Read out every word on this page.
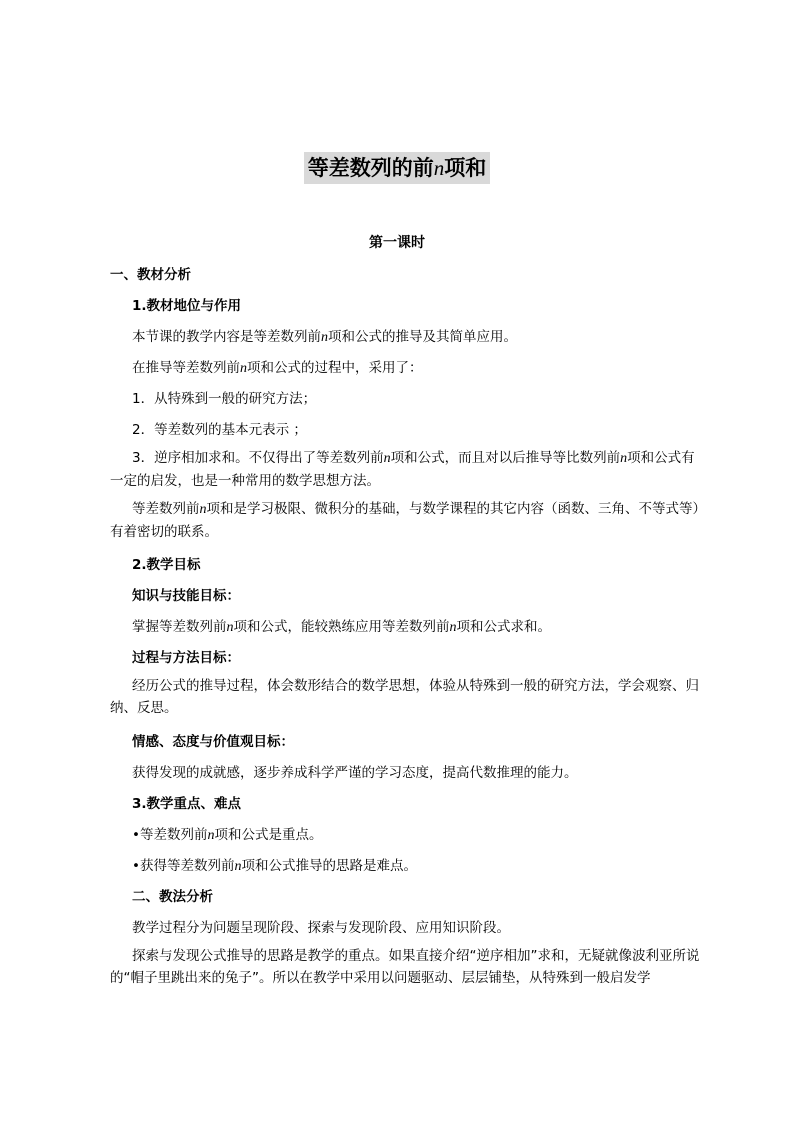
等差数列的前n项和
第一课时
一、教材分析
1.教材地位与作用
本节课的教学内容是等差数列前n项和公式的推导及其简单应用。
在推导等差数列前n项和公式的过程中，采用了：
1．从特殊到一般的研究方法；
2．等差数列的基本元表示 ；
3．逆序相加求和。不仅得出了等差数列前n项和公式，而且对以后推导等比数列前n项和公式有一定的启发，也是一种常用的数学思想方法。
等差数列前n项和是学习极限、微积分的基础，与数学课程的其它内容（函数、三角、不等式等）有着密切的联系。
2.教学目标
知识与技能目标：
掌握等差数列前n项和公式，能较熟练应用等差数列前n项和公式求和。
过程与方法目标：
经历公式的推导过程，体会数形结合的数学思想，体验从特殊到一般的研究方法，学会观察、归纳、反思。
情感、态度与价值观目标：
获得发现的成就感，逐步养成科学严谨的学习态度，提高代数推理的能力。
3.教学重点、难点
•等差数列前n项和公式是重点。
•获得等差数列前n项和公式推导的思路是难点。
二、教法分析
教学过程分为问题呈现阶段、探索与发现阶段、应用知识阶段。
探索与发现公式推导的思路是教学的重点。如果直接介绍“逆序相加”求和，无疑就像波利亚所说的“帽子里跳出来的兔子”。所以在教学中采用以问题驱动、层层铺垫，从特殊到一般启发学
